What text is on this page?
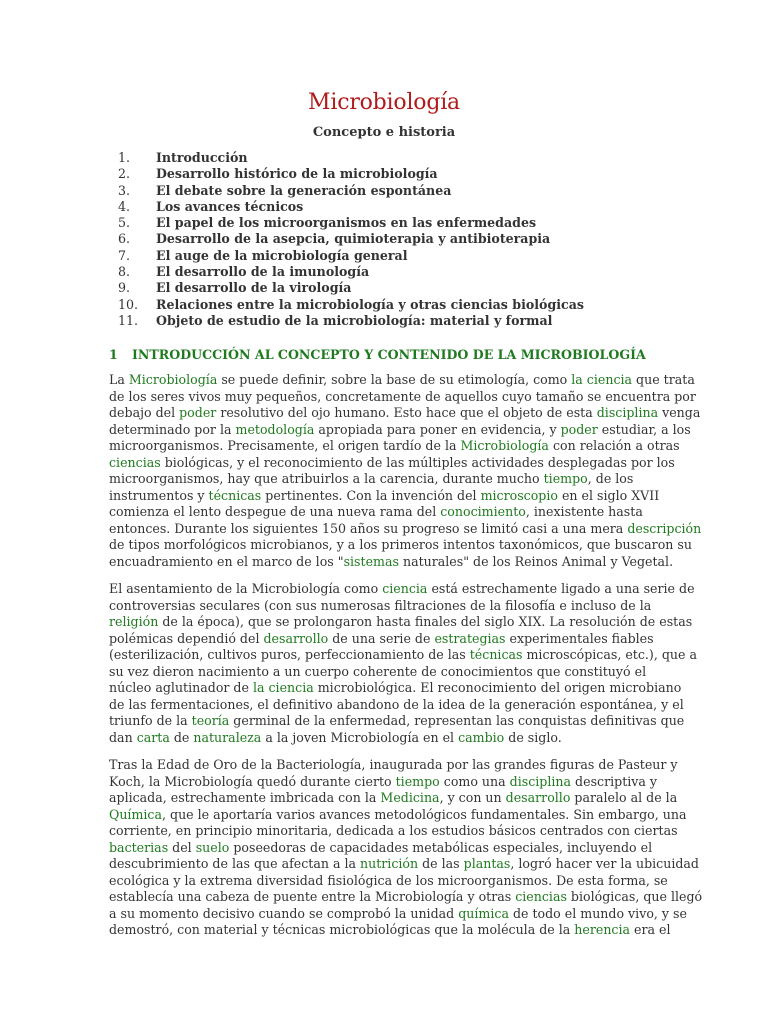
Microbiología
Concepto e historia
1. Introducción
2. Desarrollo histórico de la microbiología
3. El debate sobre la generación espontánea
4. Los avances técnicos
5. El papel de los microorganismos en las enfermedades
6. Desarrollo de la asepcia, quimioterapia y antibioterapia
7. El auge de la microbiología general
8. El desarrollo de la imunología
9. El desarrollo de la virología
10. Relaciones entre la microbiología y otras ciencias biológicas
11. Objeto de estudio de la microbiología: material y formal
1 INTRODUCCIÓN AL CONCEPTO Y CONTENIDO DE LA MICROBIOLOGÍA

La Microbiología se puede definir, sobre la base de su etimología, como la ciencia que trata
de los seres vivos muy pequeños, concretamente de aquellos cuyo tamaño se encuentra por
debajo del poder resolutivo del ojo humano. Esto hace que el objeto de esta disciplina venga
determinado por la metodología apropiada para poner en evidencia, y poder estudiar, a los
microorganismos. Precisamente, el origen tardío de la Microbiología con relación a otras
ciencias biológicas, y el reconocimiento de las múltiples actividades desplegadas por los
microorganismos, hay que atribuirlos a la carencia, durante mucho tiempo, de los
instrumentos y técnicas pertinentes. Con la invención del microscopio en el siglo XVII
comienza el lento despegue de una nueva rama del conocimiento, inexistente hasta
entonces. Durante los siguientes 150 años su progreso se limitó casi a una mera descripción
de tipos morfológicos microbianos, y a los primeros intentos taxonómicos, que buscaron su
encuadramiento en el marco de los "sistemas naturales" de los Reinos Animal y Vegetal.

El asentamiento de la Microbiología como ciencia está estrechamente ligado a una serie de
controversias seculares (con sus numerosas filtraciones de la filosofía e incluso de la
religión de la época), que se prolongaron hasta finales del siglo XIX. La resolución de estas
polémicas dependió del desarrollo de una serie de estrategias experimentales fiables
(esterilización, cultivos puros, perfeccionamiento de las técnicas microscópicas, etc.), que a
su vez dieron nacimiento a un cuerpo coherente de conocimientos que constituyó el
núcleo aglutinador de la ciencia microbiológica. El reconocimiento del origen microbiano
de las fermentaciones, el definitivo abandono de la idea de la generación espontánea, y el
triunfo de la teoría germinal de la enfermedad, representan las conquistas definitivas que
dan carta de naturaleza a la joven Microbiología en el cambio de siglo.

Tras la Edad de Oro de la Bacteriología, inaugurada por las grandes figuras de Pasteur y
Koch, la Microbiología quedó durante cierto tiempo como una disciplina descriptiva y
aplicada, estrechamente imbricada con la Medicina, y con un desarrollo paralelo al de la
Química, que le aportaría varios avances metodológicos fundamentales. Sin embargo, una
corriente, en principio minoritaria, dedicada a los estudios básicos centrados con ciertas
bacterias del suelo poseedoras de capacidades metabólicas especiales, incluyendo el
descubrimiento de las que afectan a la nutrición de las plantas, logró hacer ver la ubicuidad
ecológica y la extrema diversidad fisiológica de los microorganismos. De esta forma, se
establecía una cabeza de puente entre la Microbiología y otras ciencias biológicas, que llegó
a su momento decisivo cuando se comprobó la unidad química de todo el mundo vivo, y se
demostró, con material y técnicas microbiológicas que la molécula de la herencia era el
